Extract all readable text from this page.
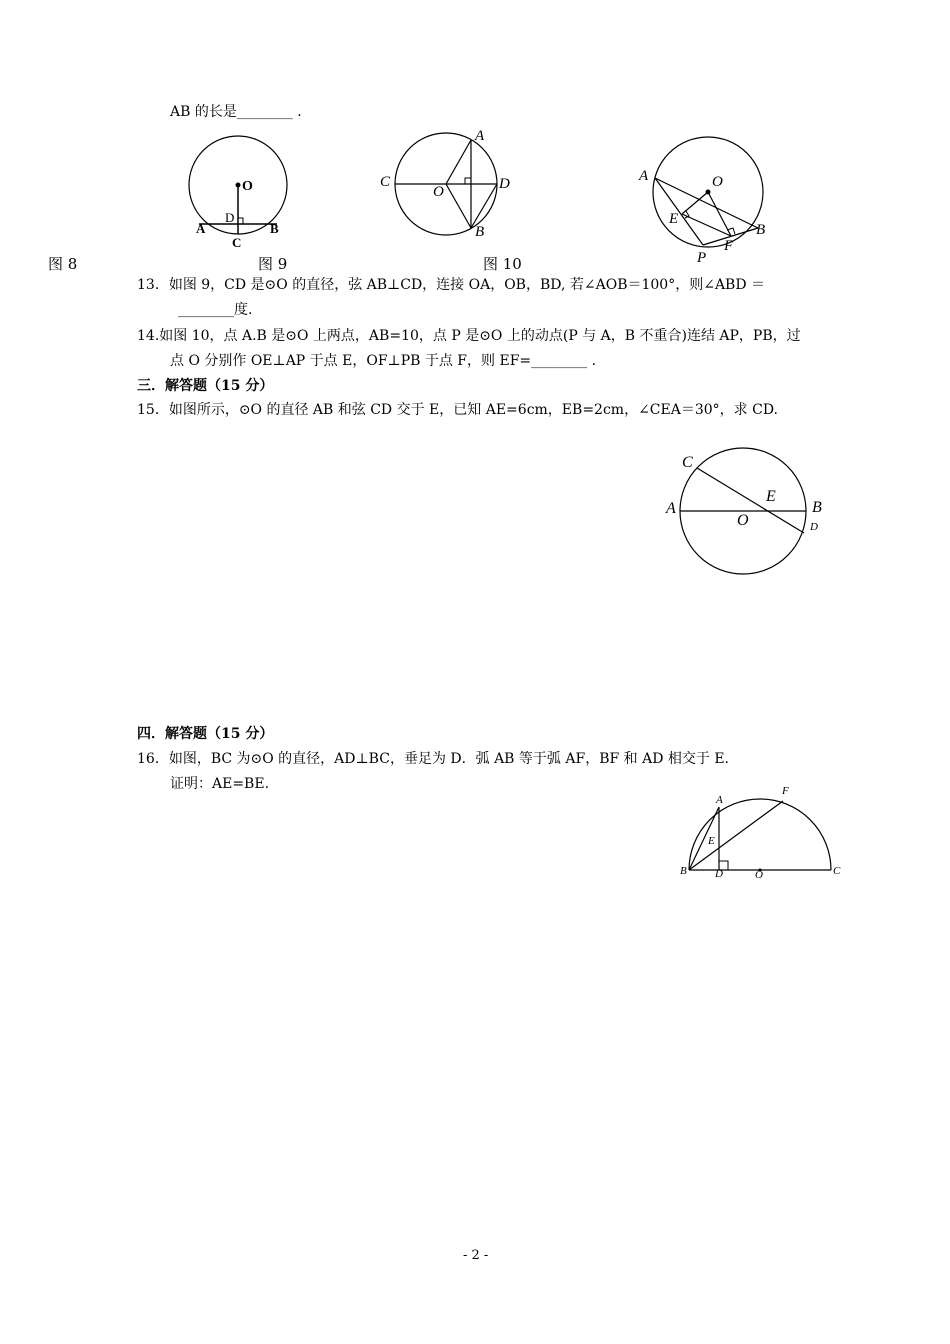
AB 的长是________ .
O
D
A
C
B
A
C
O	D
B
A	O
E
F
B
P
图 8	图 9	图 10
13．如图 9，CD 是⊙O 的直径，弦 AB⊥CD，连接 OA，OB，BD, 若∠AOB＝100°，则∠ABD ＝
________度.
14.如图 10，点 A.B 是⊙O 上两点，AB=10，点 P 是⊙O 上的动点(P 与 A，B 不重合)连结 AP，PB，过
点 O 分别作 OE⊥AP 于点 E，OF⊥PB 于点 F，则 EF=________ .
三．解答题（15 分）
15．如图所示，⊙O 的直径 AB 和弦 CD 交于 E，已知 AE=6cm，EB=2cm，∠CEA＝30°，求 CD.
C
A
O
E
B
D
四．解答题（15 分）
16．如图，BC 为⊙O 的直径，AD⊥BC，垂足为 D．弧 AB 等于弧 AF，BF 和 AD 相交于 E.
证明：AE=BE.
A
F
E
B	D	O	C
- 2 -
